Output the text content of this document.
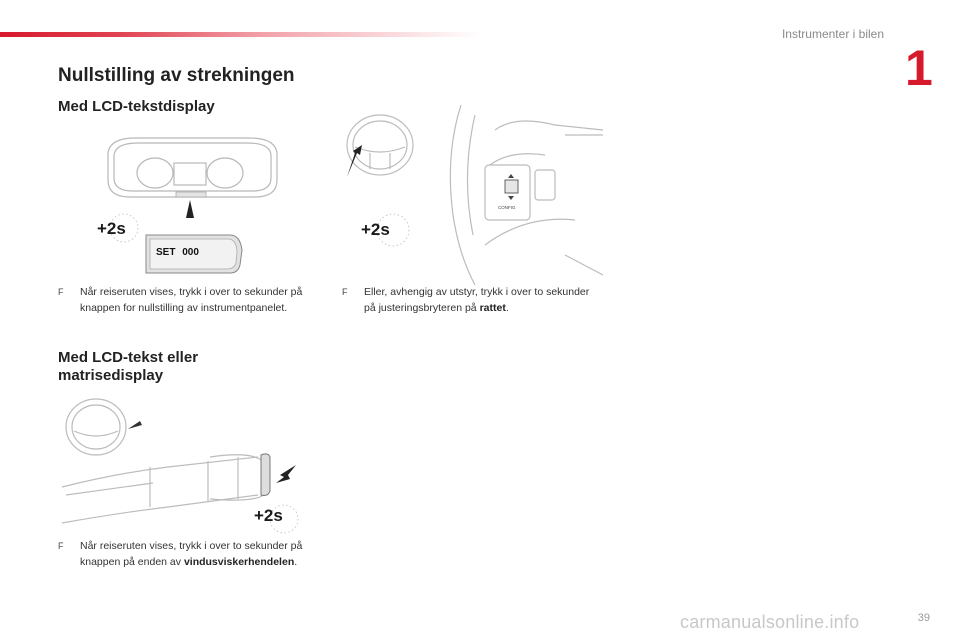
Instrumenter i bilen
1
Nullstilling av strekningen
Med LCD-tekstdisplay
+2s
SET 000
F	Når reiseruten vises, trykk i over to sekunder på knappen for nullstilling av instrumentpanelet.
CONFIG
+2s
F	Eller, avhengig av utstyr, trykk i over to sekunder på justeringsbryteren på rattet.
Med LCD-tekst eller
matrisedisplay
+2s
F	Når reiseruten vises, trykk i over to sekunder på knappen på enden av vindusviskerhendelen.
carmanualsonline.info	39
